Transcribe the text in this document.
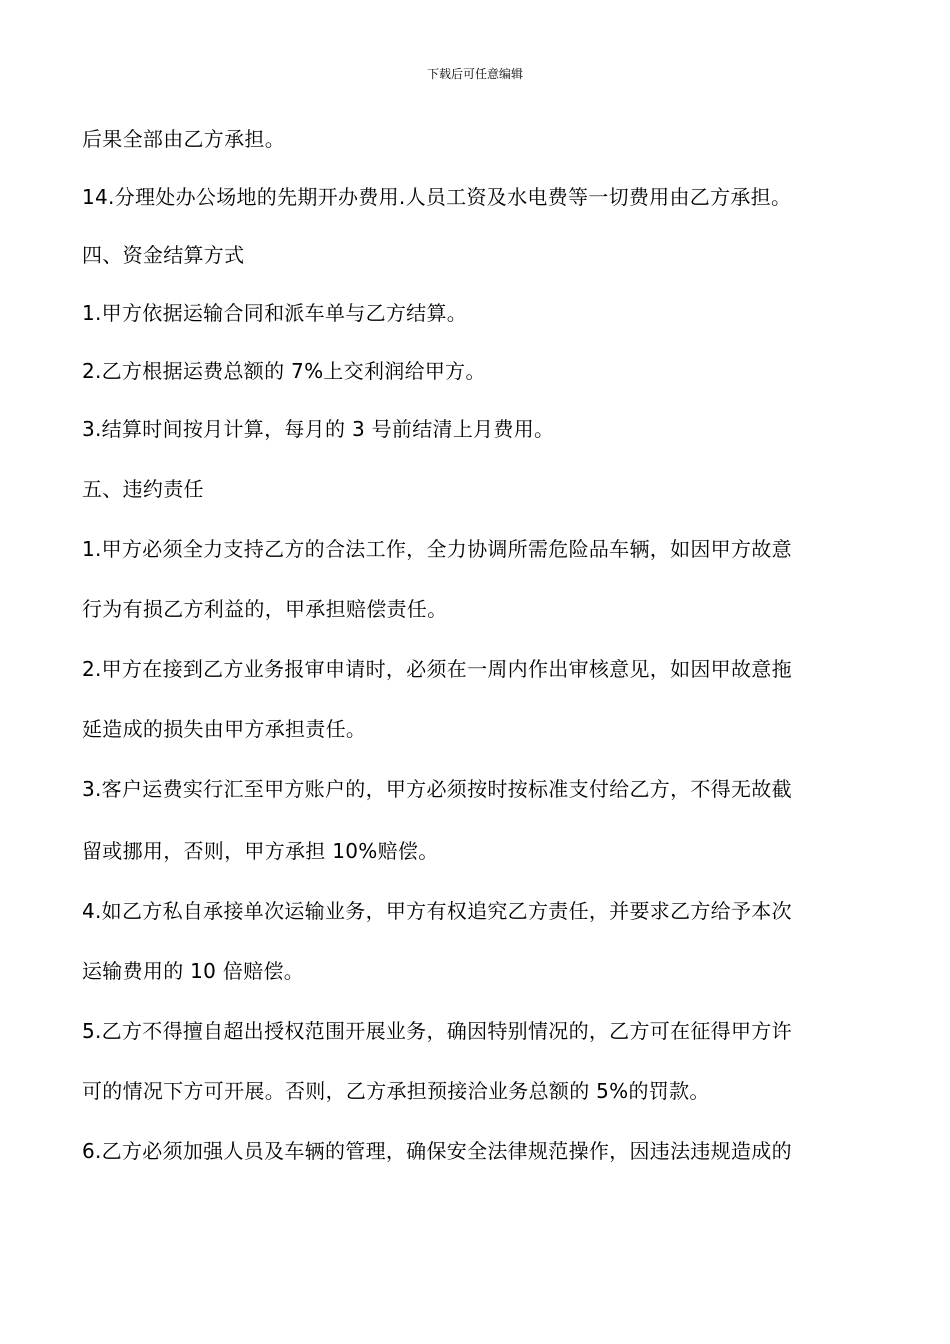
下载后可任意编辑
后果全部由乙方承担。
14.分理处办公场地的先期开办费用.人员工资及水电费等一切费用由乙方承担。
四、资金结算方式
1.甲方依据运输合同和派车单与乙方结算。
2.乙方根据运费总额的 7%上交利润给甲方。
3.结算时间按月计算，每月的 3 号前结清上月费用。
五、违约责任
1.甲方必须全力支持乙方的合法工作，全力协调所需危险品车辆，如因甲方故意
行为有损乙方利益的，甲承担赔偿责任。
2.甲方在接到乙方业务报审申请时，必须在一周内作出审核意见，如因甲故意拖
延造成的损失由甲方承担责任。
3.客户运费实行汇至甲方账户的，甲方必须按时按标准支付给乙方，不得无故截
留或挪用，否则，甲方承担 10%赔偿。
4.如乙方私自承接单次运输业务，甲方有权追究乙方责任，并要求乙方给予本次
运输费用的 10 倍赔偿。
5.乙方不得擅自超出授权范围开展业务，确因特别情况的，乙方可在征得甲方许
可的情况下方可开展。否则，乙方承担预接洽业务总额的 5%的罚款。
6.乙方必须加强人员及车辆的管理，确保安全法律规范操作，因违法违规造成的
